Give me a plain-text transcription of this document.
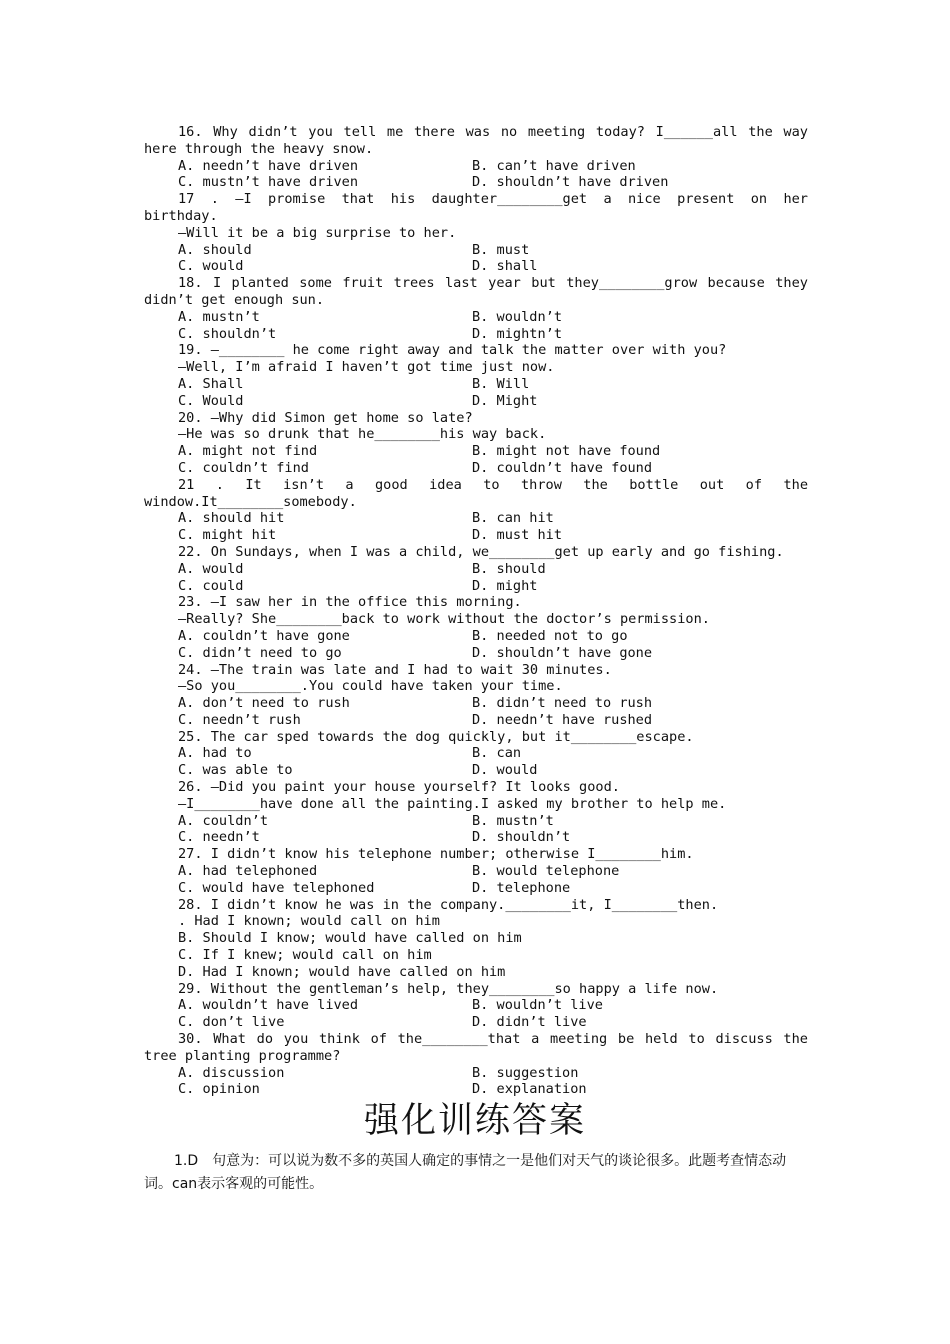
16. Why didn’t you tell me there was no meeting today? I______all the way
here through the heavy snow.
A. needn’t have driven	B. can’t have driven
C. mustn’t have driven	D. shouldn’t have driven
17 . —I promise that his daughter________get a nice present on her
birthday.
—Will it be a big surprise to her.
A. should	B. must
C. would	D. shall
18. I planted some fruit trees last year but they________grow because they
didn’t get enough sun.
A. mustn’t	B. wouldn’t
C. shouldn’t	D. mightn’t
19. —________ he come right away and talk the matter over with you?
—Well, I’m afraid I haven’t got time just now.
A. Shall	B. Will
C. Would	D. Might
20. —Why did Simon get home so late?
—He was so drunk that he________his way back.
A. might not find	B. might not have found
C. couldn’t find	D. couldn’t have found
21 . It isn’t a good idea to throw the bottle out of the
window.It________somebody.
A. should hit	B. can hit
C. might hit	D. must hit
22. On Sundays, when I was a child, we________get up early and go fishing.
A. would	B. should
C. could	D. might
23. —I saw her in the office this morning.
—Really? She________back to work without the doctor’s permission.
A. couldn’t have gone	B. needed not to go
C. didn’t need to go	D. shouldn’t have gone
24. —The train was late and I had to wait 30 minutes.
—So you________.You could have taken your time.
A. don’t need to rush	B. didn’t need to rush
C. needn’t rush	D. needn’t have rushed
25. The car sped towards the dog quickly, but it________escape.
A. had to	B. can
C. was able to	D. would
26. —Did you paint your house yourself? It looks good.
—I________have done all the painting.I asked my brother to help me.
A. couldn’t	B. mustn’t
C. needn’t	D. shouldn’t
27. I didn’t know his telephone number; otherwise I________him.
A. had telephoned	B. would telephone
C. would have telephoned	D. telephone
28. I didn’t know he was in the company.________it, I________then.
. Had I known; would call on him
B. Should I know; would have called on him
C. If I knew; would call on him
D. Had I known; would have called on him
29. Without the gentleman’s help, they________so happy a life now.
A. wouldn’t have lived	B. wouldn’t live
C. don’t live	D. didn’t live
30. What do you think of the________that a meeting be held to discuss the
tree planting programme?
A. discussion	B. suggestion
C. opinion	D. explanation
强化训练答案
1.D　句意为：可以说为数不多的英国人确定的事情之一是他们对天气的谈论很多。此题考查情态动词。can表示客观的可能性。
